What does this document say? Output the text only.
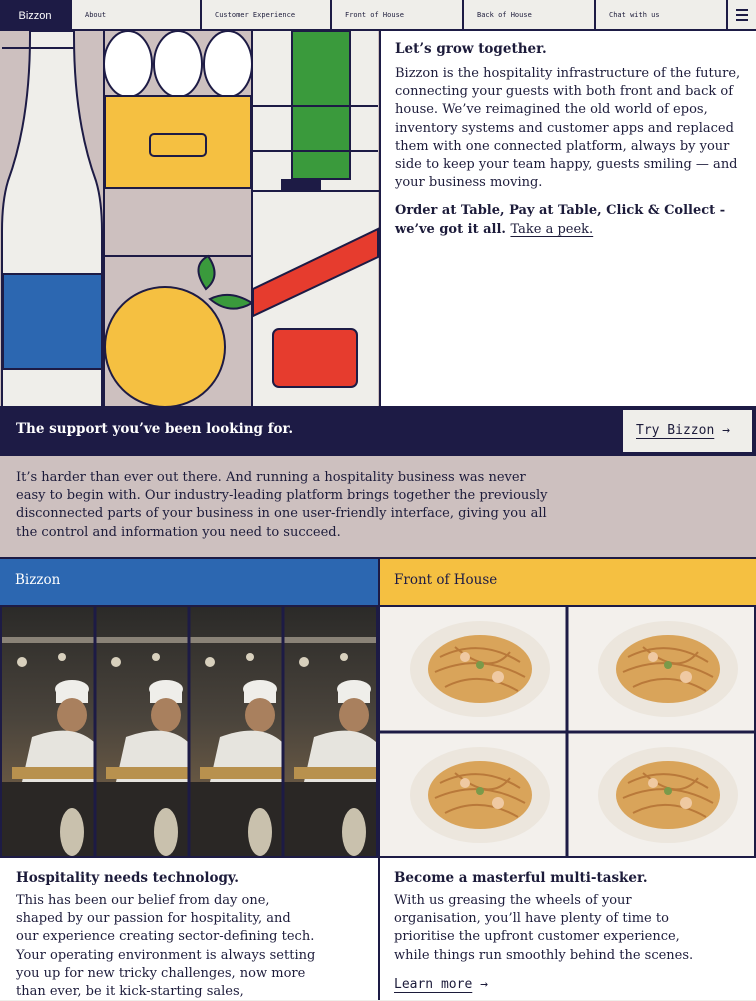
Bizzon	About	Customer Experience	Front of House	Back of House	Chat with us
Let’s grow together.

Bizzon is the hospitality infrastructure of the future, connecting your guests with both front and back of house. We’ve reimagined the old world of epos, inventory systems and customer apps and replaced them with one connected platform, always by your side to keep your team happy, guests smiling — and your business moving.

Order at Table, Pay at Table, Click & Collect - we’ve got it all. Take a peek.

The support you’ve been looking for.	Try Bizzon →

It’s harder than ever out there. And running a hospitality business was never easy to begin with. Our industry-leading platform brings together the previously disconnected parts of your business in one user-friendly interface, giving you all the control and information you need to succeed.

Bizzon	Front of House
Hospitality needs technology.

This has been our belief from day one, shaped by our passion for hospitality, and our experience creating sector-defining tech. Your operating environment is always setting you up for new tricky challenges, now more than ever, be it kick-starting sales,

Become a masterful multi-tasker.

With us greasing the wheels of your organisation, you’ll have plenty of time to prioritise the upfront customer experience, while things run smoothly behind the scenes.

Learn more →
